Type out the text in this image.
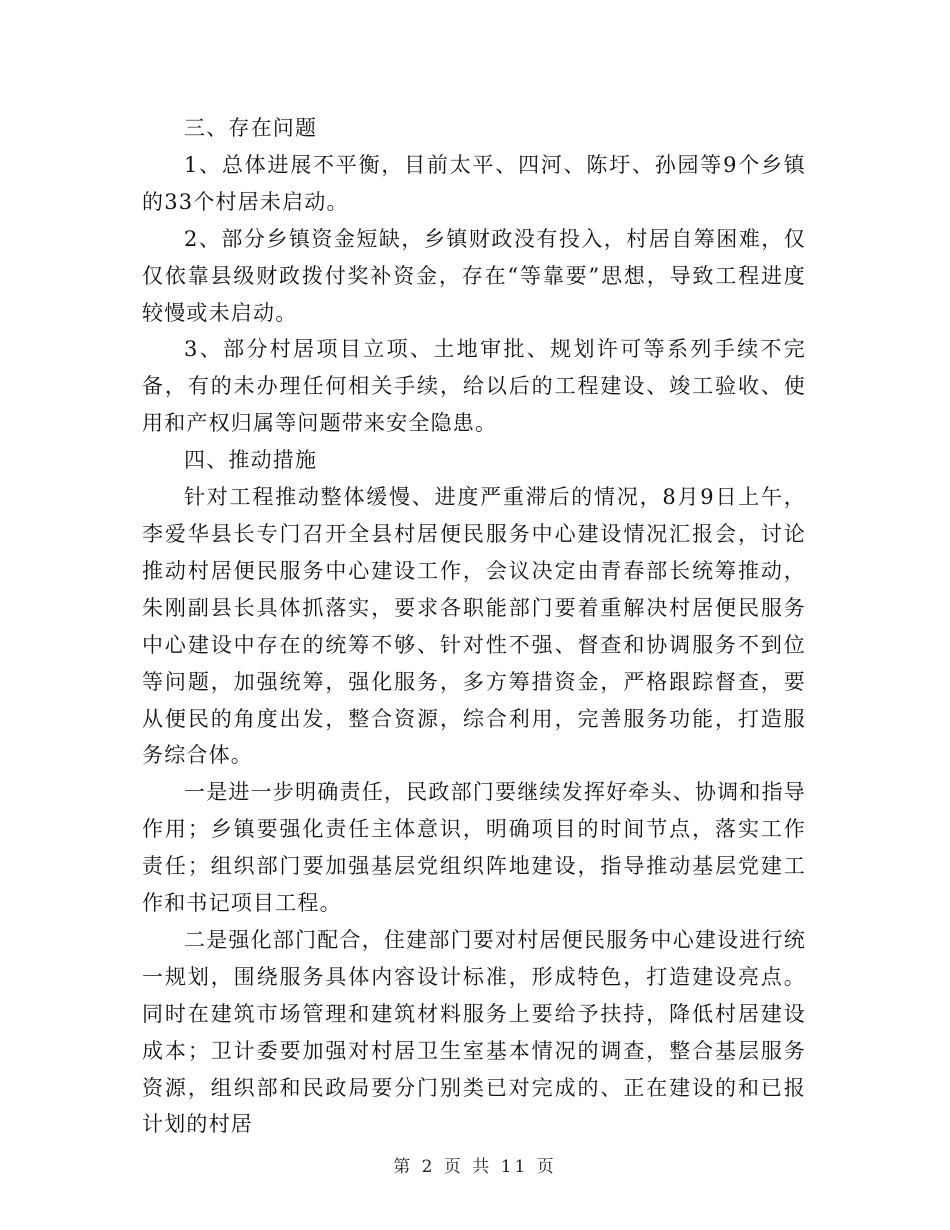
三、存在问题

1、总体进展不平衡，目前太平、四河、陈圩、孙园等9个乡镇的33个村居未启动。

2、部分乡镇资金短缺，乡镇财政没有投入，村居自筹困难，仅仅依靠县级财政拨付奖补资金，存在“等靠要”思想，导致工程进度较慢或未启动。

3、部分村居项目立项、土地审批、规划许可等系列手续不完备，有的未办理任何相关手续，给以后的工程建设、竣工验收、使用和产权归属等问题带来安全隐患。

四、推动措施

针对工程推动整体缓慢、进度严重滞后的情况，8月9日上午，李爱华县长专门召开全县村居便民服务中心建设情况汇报会，讨论推动村居便民服务中心建设工作，会议决定由青春部长统筹推动，朱刚副县长具体抓落实，要求各职能部门要着重解决村居便民服务中心建设中存在的统筹不够、针对性不强、督查和协调服务不到位等问题，加强统筹，强化服务，多方筹措资金，严格跟踪督查，要从便民的角度出发，整合资源，综合利用，完善服务功能，打造服务综合体。

一是进一步明确责任，民政部门要继续发挥好牵头、协调和指导作用；乡镇要强化责任主体意识，明确项目的时间节点，落实工作责任；组织部门要加强基层党组织阵地建设，指导推动基层党建工作和书记项目工程。

二是强化部门配合，住建部门要对村居便民服务中心建设进行统一规划，围绕服务具体内容设计标准，形成特色，打造建设亮点。同时在建筑市场管理和建筑材料服务上要给予扶持，降低村居建设成本；卫计委要加强对村居卫生室基本情况的调查，整合基层服务资源，组织部和民政局要分门别类已对完成的、正在建设的和已报计划的村居

第 2 页 共 11 页
